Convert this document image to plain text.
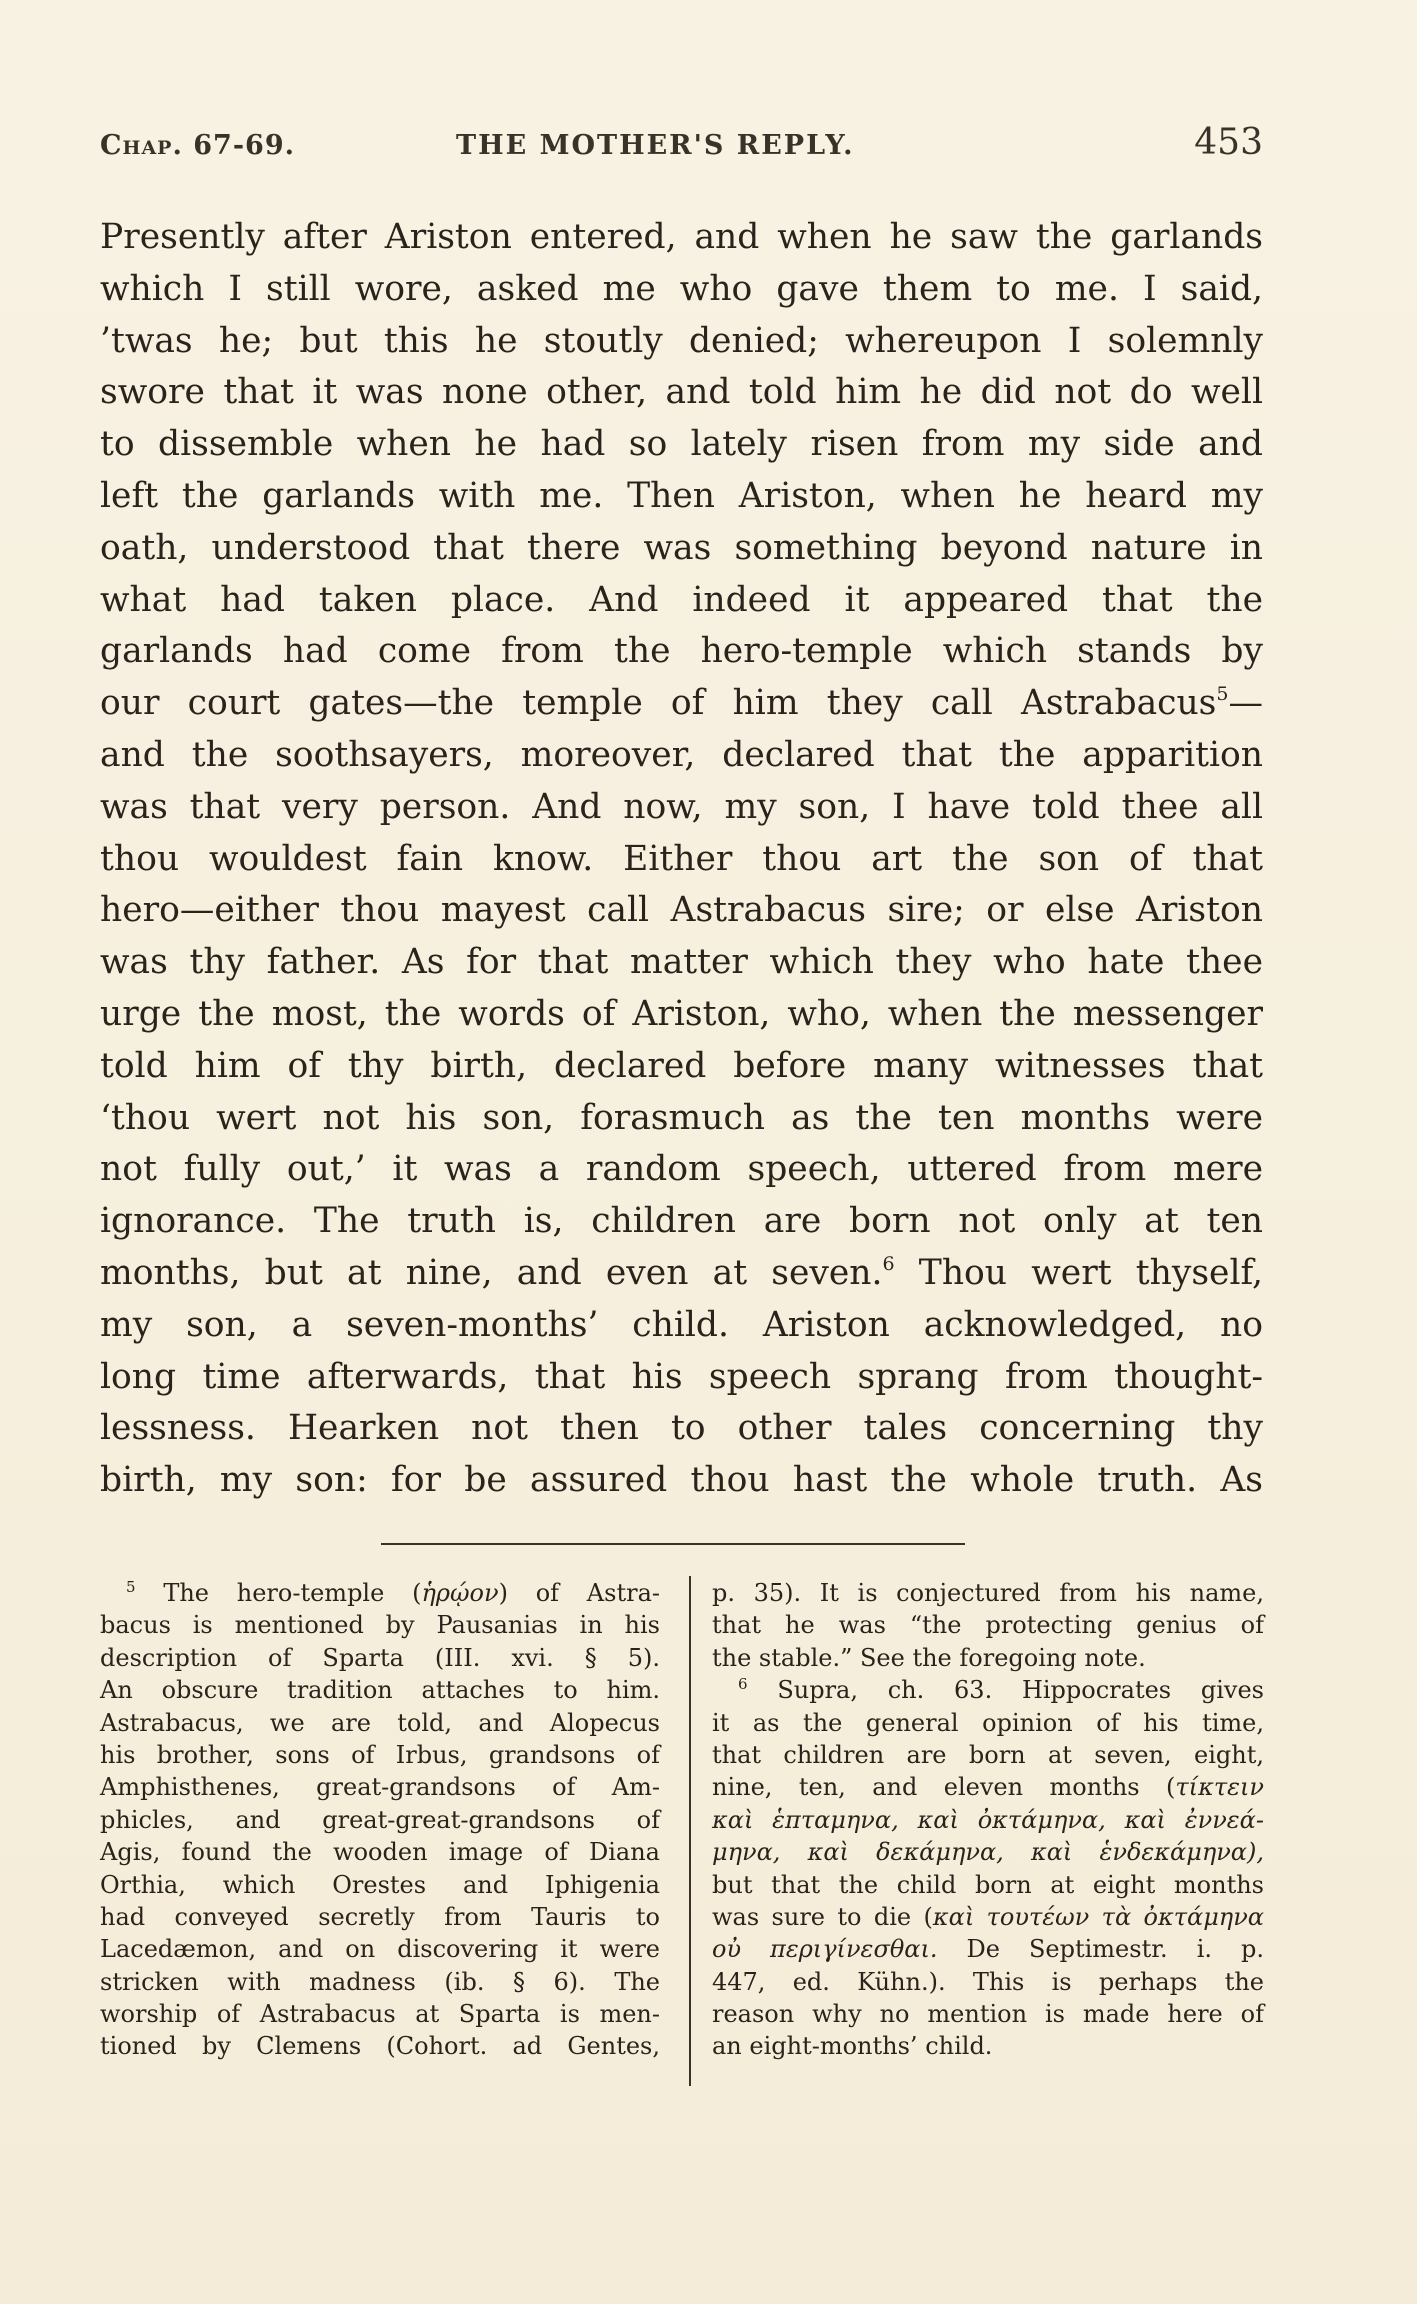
Chap. 67-69.	THE MOTHER'S REPLY.	453
Presently after Ariston entered, and when he saw the garlands
which I still wore, asked me who gave them to me. I said,
’twas he; but this he stoutly denied; whereupon I solemnly
swore that it was none other, and told him he did not do well
to dissemble when he had so lately risen from my side and
left the garlands with me. Then Ariston, when he heard my
oath, understood that there was something beyond nature in
what had taken place. And indeed it appeared that the
garlands had come from the hero-temple which stands by
our court gates—the temple of him they call Astrabacus$^5$—
and the soothsayers, moreover, declared that the apparition
was that very person. And now, my son, I have told thee all
thou wouldest fain know. Either thou art the son of that
hero—either thou mayest call Astrabacus sire; or else Ariston
was thy father. As for that matter which they who hate thee
urge the most, the words of Ariston, who, when the messenger
told him of thy birth, declared before many witnesses that
‘thou wert not his son, forasmuch as the ten months were
not fully out,’ it was a random speech, uttered from mere
ignorance. The truth is, children are born not only at ten
months, but at nine, and even at seven.$^6$ Thou wert thyself,
my son, a seven-months’ child. Ariston acknowledged, no
long time afterwards, that his speech sprang from thought-
lessness. Hearken not then to other tales concerning thy
birth, my son: for be assured thou hast the whole truth. As
$^5$ The hero-temple (ἡρῴον) of Astra-
bacus is mentioned by Pausanias in his
description of Sparta (III. xvi. § 5).
An obscure tradition attaches to him.
Astrabacus, we are told, and Alopecus
his brother, sons of Irbus, grandsons of
Amphisthenes, great-grandsons of Am-
phicles, and great-great-grandsons of
Agis, found the wooden image of Diana
Orthia, which Orestes and Iphigenia
had conveyed secretly from Tauris to
Lacedæmon, and on discovering it were
stricken with madness (ib. § 6). The
worship of Astrabacus at Sparta is men-
tioned by Clemens (Cohort. ad Gentes,
p. 35). It is conjectured from his name,
that he was “the protecting genius of
the stable.” See the foregoing note.
$^6$ Supra, ch. 63. Hippocrates gives
it as the general opinion of his time,
that children are born at seven, eight,
nine, ten, and eleven months (τίκτειν
καὶ ἑπταμηνα, καὶ ὀκτάμηνα, καὶ ἐννεά-
μηνα, καὶ δεκάμηνα, καὶ ἑνδεκάμηνα),
but that the child born at eight months
was sure to die (καὶ τουτέων τὰ ὀκτάμηνα
οὐ περιγίνεσθαι. De Septimestr. i. p.
447, ed. Kühn.). This is perhaps the
reason why no mention is made here of
an eight-months’ child.
